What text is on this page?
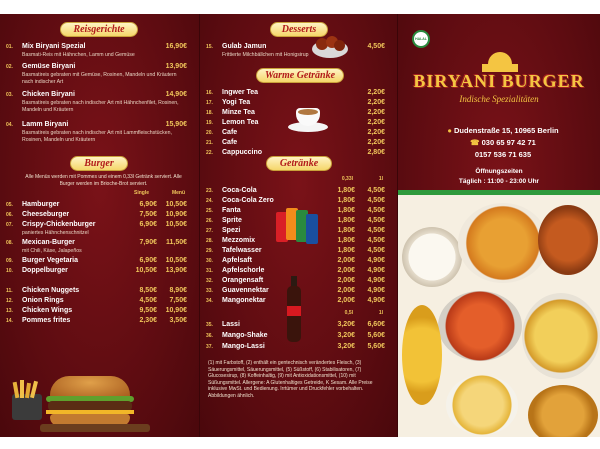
Reisgerichte
01. Mix Biryani Spezial	16,90€
Basmati-Reis mit Hähnchen, Lamm und Gemüse
02. Gemüse Biryani	13,90€
Basmatireis gebraten mit Gemüse, Rosinen, Mandeln und Kräutern nach indischer Art
03. Chicken Biryani	14,90€
Basmatireis gebraten nach indischer Art mit Hähnchenfilet, Rosinen, Mandeln und Kräutern
04. Lamm Biryani	15,90€
Basmatireis gebraten nach indischer Art mit Lammfleischstücken, Rosinen, Mandeln und Kräutern
Burger
Alle Menüs werden mit Pommes und einem 0,33l Getränk serviert. Alle Burger werden im Brioche-Brot serviert.
Single	Menü
05. Hamburger	6,90€ 10,50€
06. Cheeseburger	7,50€ 10,90€
07. Crispy-Chickenburger	6,90€ 10,50€
paniertes Hähnchenschnitzel
08. Mexican-Burger	7,90€ 11,50€
mit Chili, Käse, Jalapeños
09. Burger Vegetaria	6,90€ 10,50€
10. Doppelburger	10,50€ 13,90€
11. Chicken Nuggets	8,50€ 8,90€
12. Onion Rings	4,50€ 7,50€
13. Chicken Wings	9,50€ 10,90€
14. Pommes frites	2,30€ 3,50€
Desserts
15. Gulab Jamun	4,50€
Frittierte Milchbällchen mit Honigsirup
Warme Getränke
16. Ingwer Tea	2,20€
17. Yogi Tea	2,20€
18. Minze Tea	2,20€
19. Lemon Tea	2,20€
20. Cafe	2,20€
21. Cafe	2,20€
22. Cappuccino	2,80€
Getränke
0,33l	1l
23. Coca-Cola	1,80€ 4,50€
24. Coca-Cola Zero	1,80€ 4,50€
25. Fanta	1,80€ 4,50€
26. Sprite	1,80€ 4,50€
27. Spezi	1,80€ 4,50€
28. Mezzomix	1,80€ 4,50€
29. Tafelwasser	1,80€ 4,50€
30. Apfelsaft	2,00€ 4,90€
31. Apfelschorle	2,00€ 4,90€
32. Orangensaft	2,00€ 4,90€
33. Guavennektar	2,00€ 4,90€
34. Mangonektar	2,00€ 4,90€
0,5l	1l
35. Lassi	3,20€ 6,60€
36. Mango-Shake	3,20€ 5,60€
37. Mango-Lassi	3,20€ 5,60€
(1) mit Farbstoff, (2) enthält ein gentechnisch verändertes Fleisch, (3) Säuerungsmittel, Säuerungsmittel, (5) Süßstoff, (6) Stabilisatoren, (7) Glucosesirup, (8) Koffeinhaltig, (9) mit Antioxidationsmittel, (10) mit Süßungsmittel. Allergene: A Glutenhaltiges Getreide, K Sesam. Alle Preise inklusive MwSt. und Bedienung. Irrtümer und Druckfehler vorbehalten. Abbildungen ähnlich.
HALAL
BIRYANI BURGER
Indische Spezialitäten
● Dudenstraße 15, 10965 Berlin
☎ 030 65 97 42 71
0157 536 71 635
Öffnungszeiten
Täglich : 11:00 - 23:00 Uhr
